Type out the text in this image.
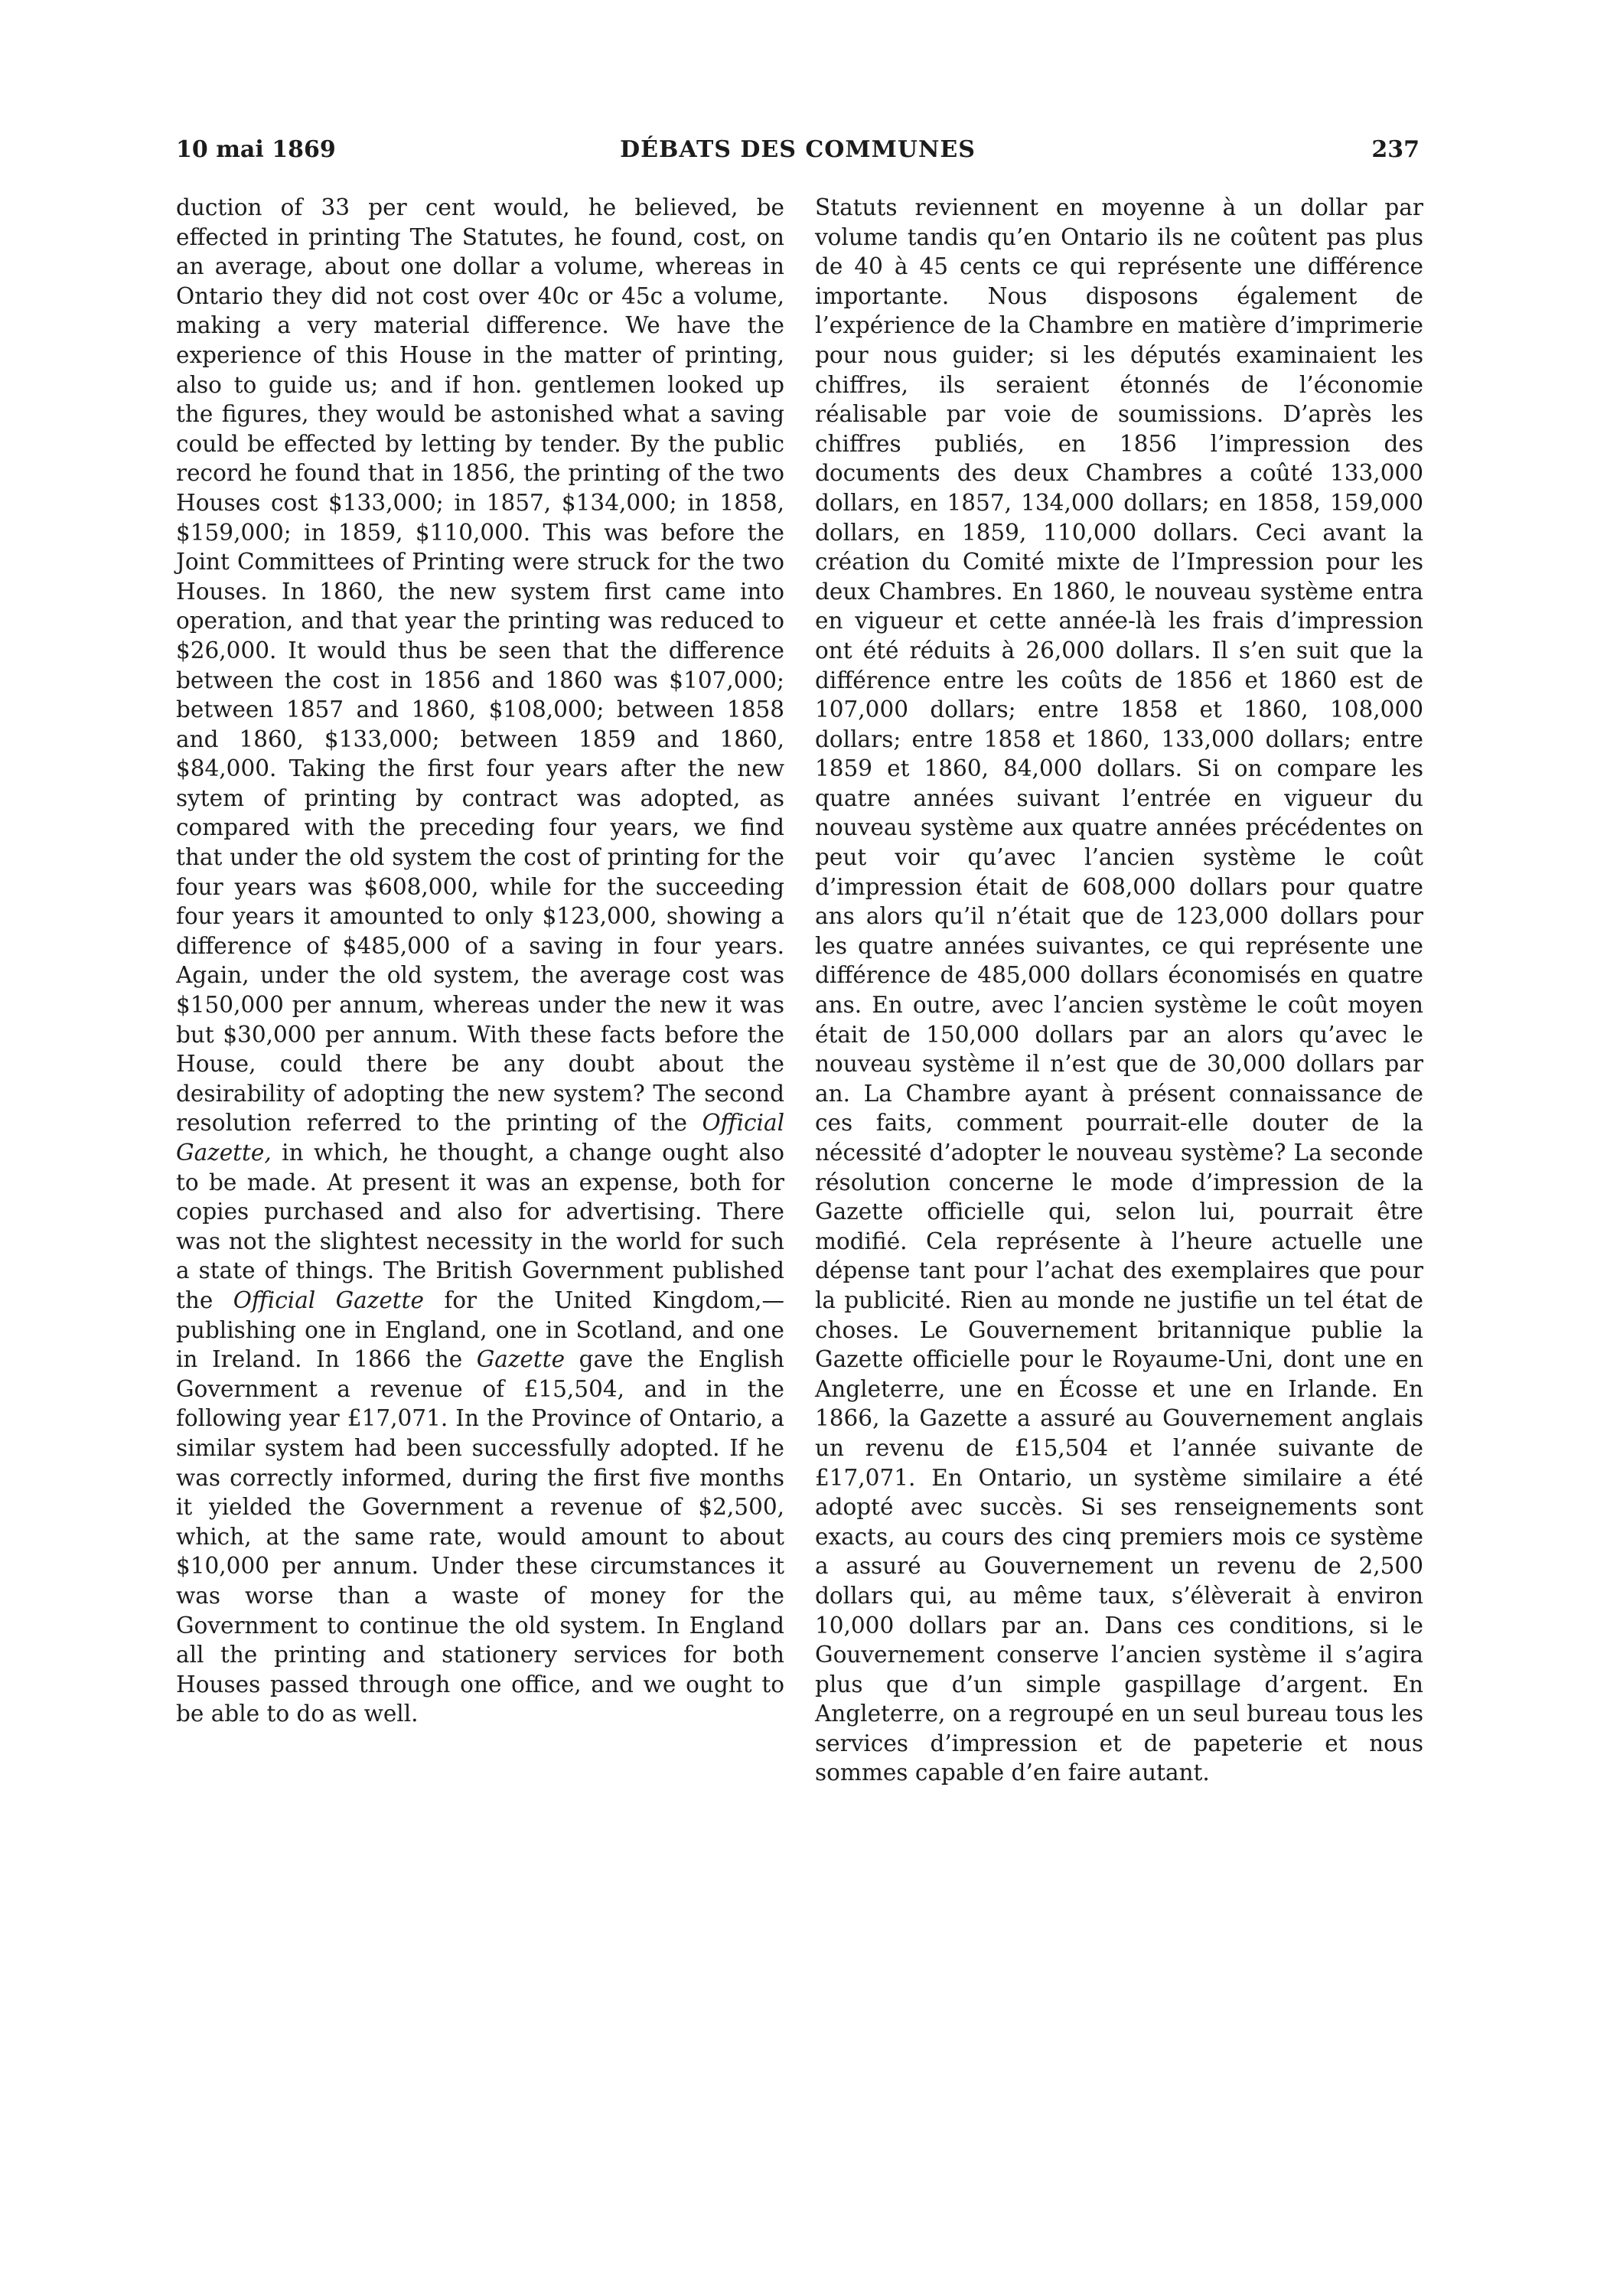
10 mai 1869	DÉBATS DES COMMUNES	237

duction of 33 per cent would, he believed, be effected in printing The Statutes, he found, cost, on an average, about one dollar a volume, whereas in Ontario they did not cost over 40c or 45c a volume, making a very material difference. We have the experience of this House in the matter of printing, also to guide us; and if hon. gentlemen looked up the figures, they would be astonished what a saving could be effected by letting by tender. By the public record he found that in 1856, the printing of the two Houses cost $133,000; in 1857, $134,000; in 1858, $159,000; in 1859, $110,000. This was before the Joint Committees of Printing were struck for the two Houses. In 1860, the new system first came into operation, and that year the printing was reduced to $26,000. It would thus be seen that the difference between the cost in 1856 and 1860 was $107,000; between 1857 and 1860, $108,000; between 1858 and 1860, $133,000; between 1859 and 1860, $84,000. Taking the first four years after the new sytem of printing by contract was adopted, as compared with the preceding four years, we find that under the old system the cost of printing for the four years was $608,000, while for the succeeding four years it amounted to only $123,000, showing a difference of $485,000 of a saving in four years. Again, under the old system, the average cost was $150,000 per annum, whereas under the new it was but $30,000 per annum. With these facts before the House, could there be any doubt about the desirability of adopting the new system? The second resolution referred to the printing of the Official Gazette, in which, he thought, a change ought also to be made. At present it was an expense, both for copies purchased and also for advertising. There was not the slightest necessity in the world for such a state of things. The British Government published the Official Gazette for the United Kingdom,—publishing one in England, one in Scotland, and one in Ireland. In 1866 the Gazette gave the English Government a revenue of £15,504, and in the following year £17,071. In the Province of Ontario, a similar system had been successfully adopted. If he was correctly informed, during the first five months it yielded the Government a revenue of $2,500, which, at the same rate, would amount to about $10,000 per annum. Under these circumstances it was worse than a waste of money for the Government to continue the old system. In England all the printing and stationery services for both Houses passed through one office, and we ought to be able to do as well.

Statuts reviennent en moyenne à un dollar par volume tandis qu’en Ontario ils ne coûtent pas plus de 40 à 45 cents ce qui représente une différence importante. Nous disposons également de l’expérience de la Chambre en matière d’imprimerie pour nous guider; si les députés examinaient les chiffres, ils seraient étonnés de l’économie réalisable par voie de soumissions. D’après les chiffres publiés, en 1856 l’impression des documents des deux Chambres a coûté 133,000 dollars, en 1857, 134,000 dollars; en 1858, 159,000 dollars, en 1859, 110,000 dollars. Ceci avant la création du Comité mixte de l’Impression pour les deux Chambres. En 1860, le nouveau système entra en vigueur et cette année-là les frais d’impression ont été réduits à 26,000 dollars. Il s’en suit que la différence entre les coûts de 1856 et 1860 est de 107,000 dollars; entre 1858 et 1860, 108,000 dollars; entre 1858 et 1860, 133,000 dollars; entre 1859 et 1860, 84,000 dollars. Si on compare les quatre années suivant l’entrée en vigueur du nouveau système aux quatre années précédentes on peut voir qu’avec l’ancien système le coût d’impression était de 608,000 dollars pour quatre ans alors qu’il n’était que de 123,000 dollars pour les quatre années suivantes, ce qui représente une différence de 485,000 dollars économisés en quatre ans. En outre, avec l’ancien système le coût moyen était de 150,000 dollars par an alors qu’avec le nouveau système il n’est que de 30,000 dollars par an. La Chambre ayant à présent connaissance de ces faits, comment pourrait-elle douter de la nécessité d’adopter le nouveau système? La seconde résolution concerne le mode d’impression de la Gazette officielle qui, selon lui, pourrait être modifié. Cela représente à l’heure actuelle une dépense tant pour l’achat des exemplaires que pour la publicité. Rien au monde ne justifie un tel état de choses. Le Gouvernement britannique publie la Gazette officielle pour le Royaume-Uni, dont une en Angleterre, une en Écosse et une en Irlande. En 1866, la Gazette a assuré au Gouvernement anglais un revenu de £15,504 et l’année suivante de £17,071. En Ontario, un système similaire a été adopté avec succès. Si ses renseignements sont exacts, au cours des cinq premiers mois ce système a assuré au Gouvernement un revenu de 2,500 dollars qui, au même taux, s’élèverait à environ 10,000 dollars par an. Dans ces conditions, si le Gouvernement conserve l’ancien système il s’agira plus que d’un simple gaspillage d’argent. En Angleterre, on a regroupé en un seul bureau tous les services d’impression et de papeterie et nous sommes capable d’en faire autant.
